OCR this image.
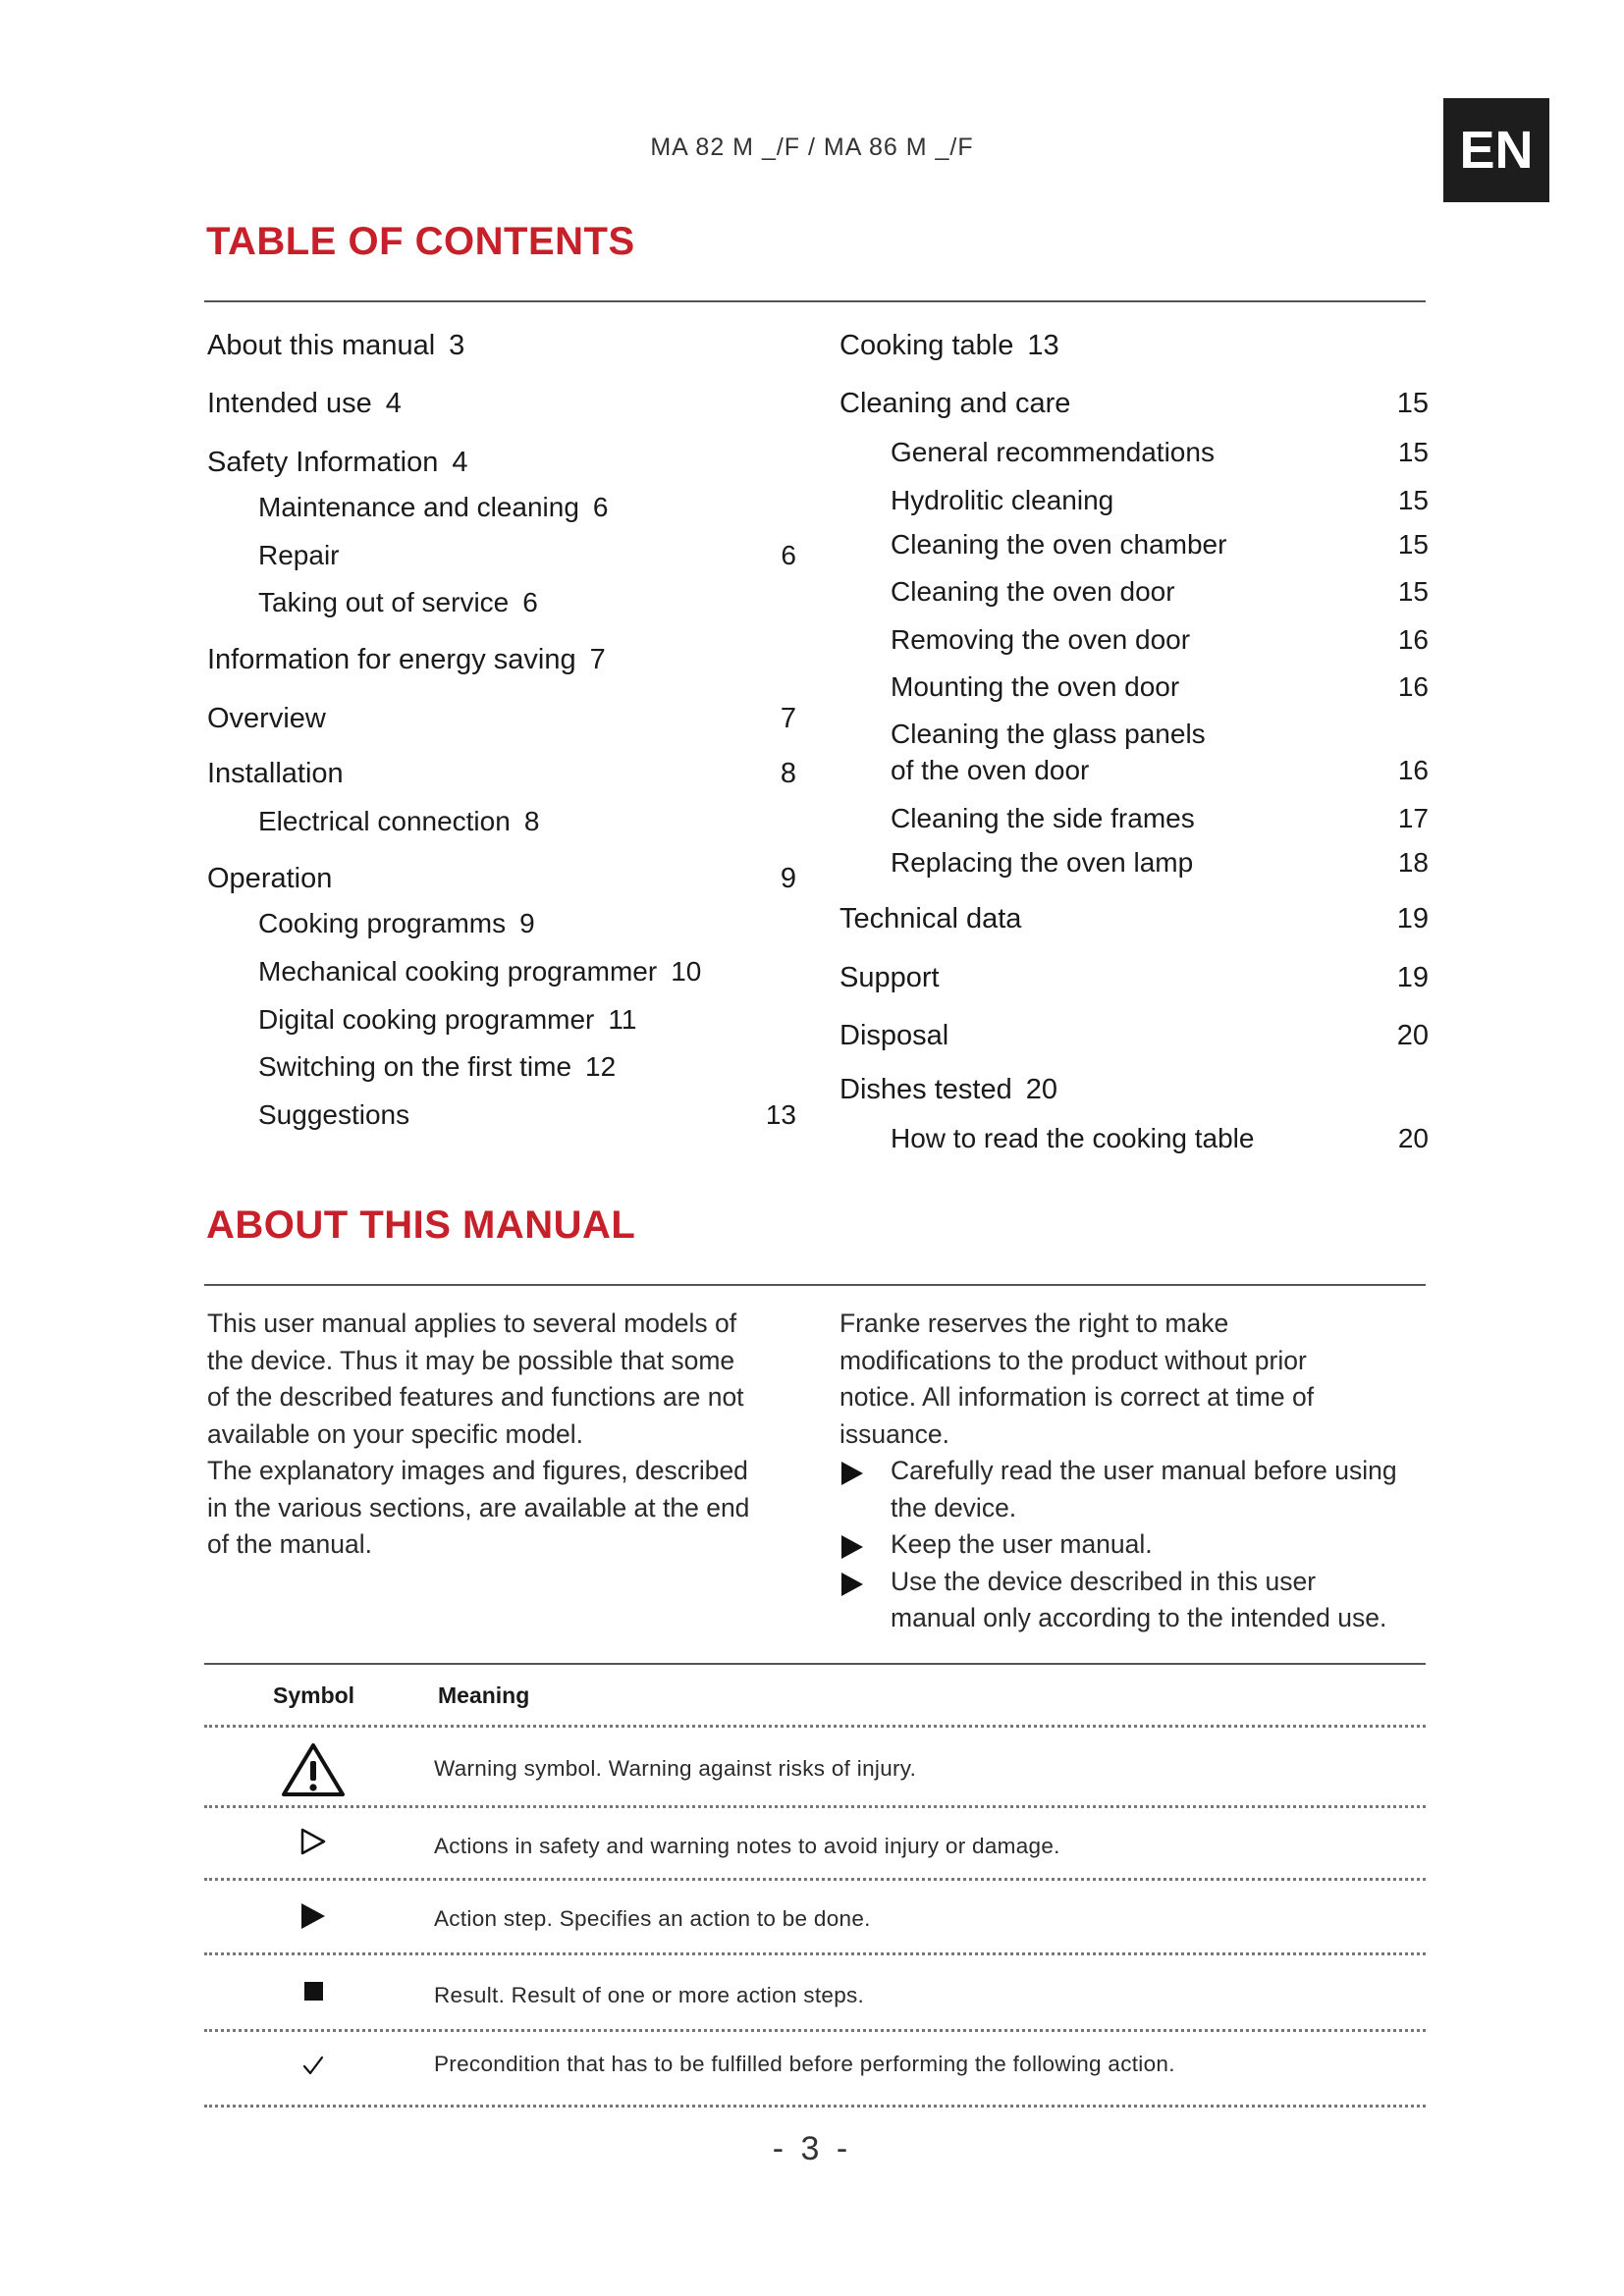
MA 82 M _/F / MA 86 M _/F	EN
TABLE OF CONTENTS
About this manual 3
Intended use 4
Safety Information 4
Maintenance and cleaning 6
Repair	6
Taking out of service 6
Information for energy saving 7
Overview	7
Installation	8
Electrical connection 8
Operation	9
Cooking programms 9
Mechanical cooking programmer 10
Digital cooking programmer 11
Switching on the first time 12
Suggestions	13
Cooking table 13
Cleaning and care	15
General recommendations	15
Hydrolitic cleaning	15
Cleaning the oven chamber	15
Cleaning the oven door	15
Removing the oven door	16
Mounting the oven door	16
Cleaning the glass panels
of the oven door	16
Cleaning the side frames	17
Replacing the oven lamp	18
Technical data	19
Support	19
Disposal	20
Dishes tested 20
How to read the cooking table	20
ABOUT THIS MANUAL
This user manual applies to several models of
the device. Thus it may be possible that some
of the described features and functions are not
available on your specific model.
The explanatory images and figures, described
in the various sections, are available at the end
of the manual.
Franke reserves the right to make
modifications to the product without prior
notice. All information is correct at time of
issuance.
Carefully read the user manual before using
the device.
Keep the user manual.
Use the device described in this user
manual only according to the intended use.
Symbol	Meaning
Warning symbol. Warning against risks of injury.
Actions in safety and warning notes to avoid injury or damage.
Action step. Specifies an action to be done.
Result. Result of one or more action steps.
Precondition that has to be fulfilled before performing the following action.
- 3 -
